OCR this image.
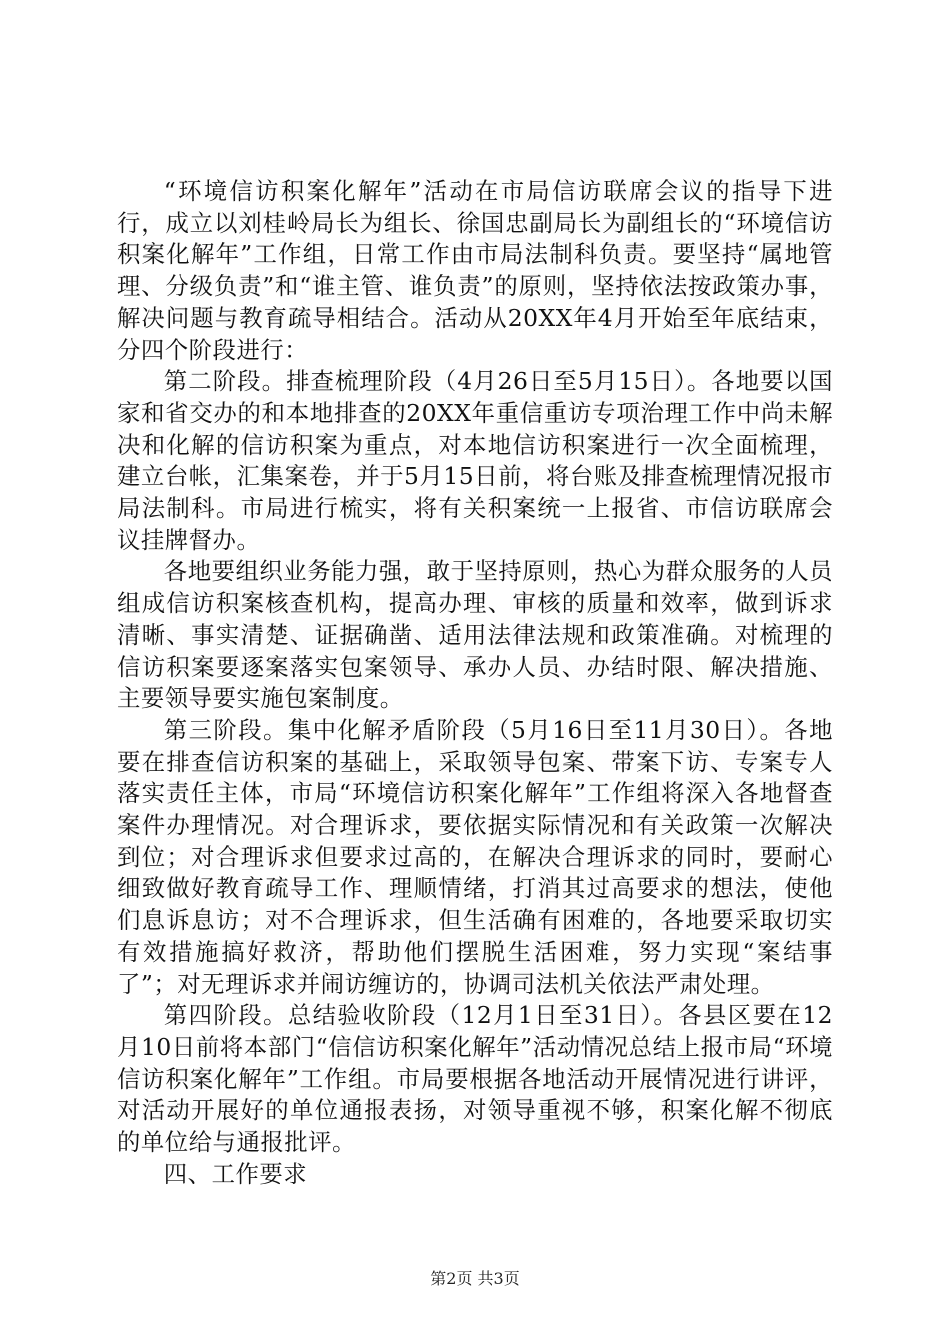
“环境信访积案化解年”活动在市局信访联席会议的指导下进行，成立以刘桂岭局长为组长、徐国忠副局长为副组长的“环境信访积案化解年”工作组，日常工作由市局法制科负责。要坚持“属地管理、分级负责”和“谁主管、谁负责”的原则，坚持依法按政策办事，解决问题与教育疏导相结合。活动从20XX年4月开始至年底结束，分四个阶段进行：

第二阶段。排查梳理阶段（4月26日至5月15日）。各地要以国家和省交办的和本地排查的20XX年重信重访专项治理工作中尚未解决和化解的信访积案为重点，对本地信访积案进行一次全面梳理，建立台帐，汇集案卷，并于5月15日前，将台账及排查梳理情况报市局法制科。市局进行梳实，将有关积案统一上报省、市信访联席会议挂牌督办。

各地要组织业务能力强，敢于坚持原则，热心为群众服务的人员组成信访积案核查机构，提高办理、审核的质量和效率，做到诉求清晰、事实清楚、证据确凿、适用法律法规和政策准确。对梳理的信访积案要逐案落实包案领导、承办人员、办结时限、解决措施、主要领导要实施包案制度。

第三阶段。集中化解矛盾阶段（5月16日至11月30日）。各地要在排查信访积案的基础上，采取领导包案、带案下访、专案专人落实责任主体，市局“环境信访积案化解年”工作组将深入各地督查案件办理情况。对合理诉求，要依据实际情况和有关政策一次解决到位；对合理诉求但要求过高的，在解决合理诉求的同时，要耐心细致做好教育疏导工作、理顺情绪，打消其过高要求的想法，使他们息诉息访；对不合理诉求，但生活确有困难的，各地要采取切实有效措施搞好救济，帮助他们摆脱生活困难，努力实现“案结事了”；对无理诉求并闹访缠访的，协调司法机关依法严肃处理。

第四阶段。总结验收阶段（12月1日至31日）。各县区要在12月10日前将本部门“信信访积案化解年”活动情况总结上报市局“环境信访积案化解年”工作组。市局要根据各地活动开展情况进行讲评，对活动开展好的单位通报表扬，对领导重视不够，积案化解不彻底的单位给与通报批评。

四、工作要求

第2页 共3页
